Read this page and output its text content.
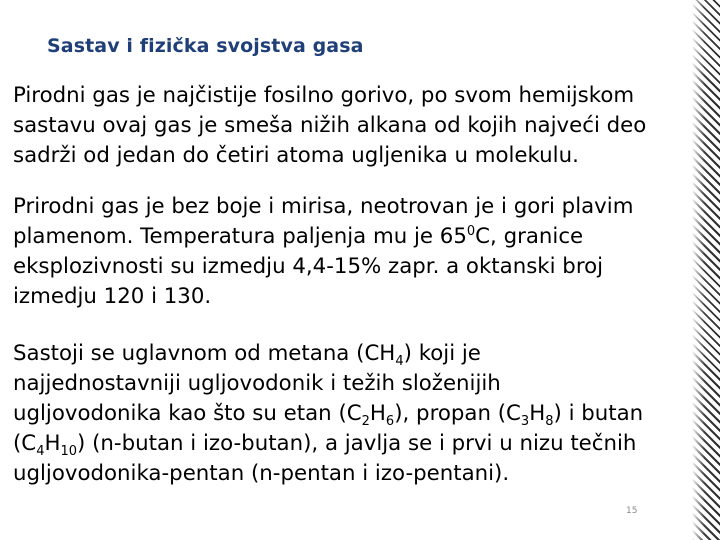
Sastav i fizička svojstva gasa
Pirodni gas je najčistije fosilno gorivo, po svom hemijskom
sastavu ovaj gas je smeša nižih alkana od kojih najveći deo
sadrži od jedan do četiri atoma ugljenika u molekulu.
Prirodni gas je bez boje i mirisa, neotrovan je i gori plavim
plamenom. Temperatura paljenja mu je $65^0C$, granice
eksplozivnosti su izmedju 4,4-15% zapr. a oktanski broj
izmedju 120 i 130.
Sastoji se uglavnom od metana $(CH_4)$ koji je
najjednostavniji ugljovodonik i težih složenijih
ugljovodonika kao što su etan $(C_2H_6)$, propan $(C_3H_8)$ i butan
$(C_4H_{10})$ (n-butan i izo-butan), a javlja se i prvi u nizu tečnih
ugljovodonika-pentan (n-pentan i izo-pentani).
15
